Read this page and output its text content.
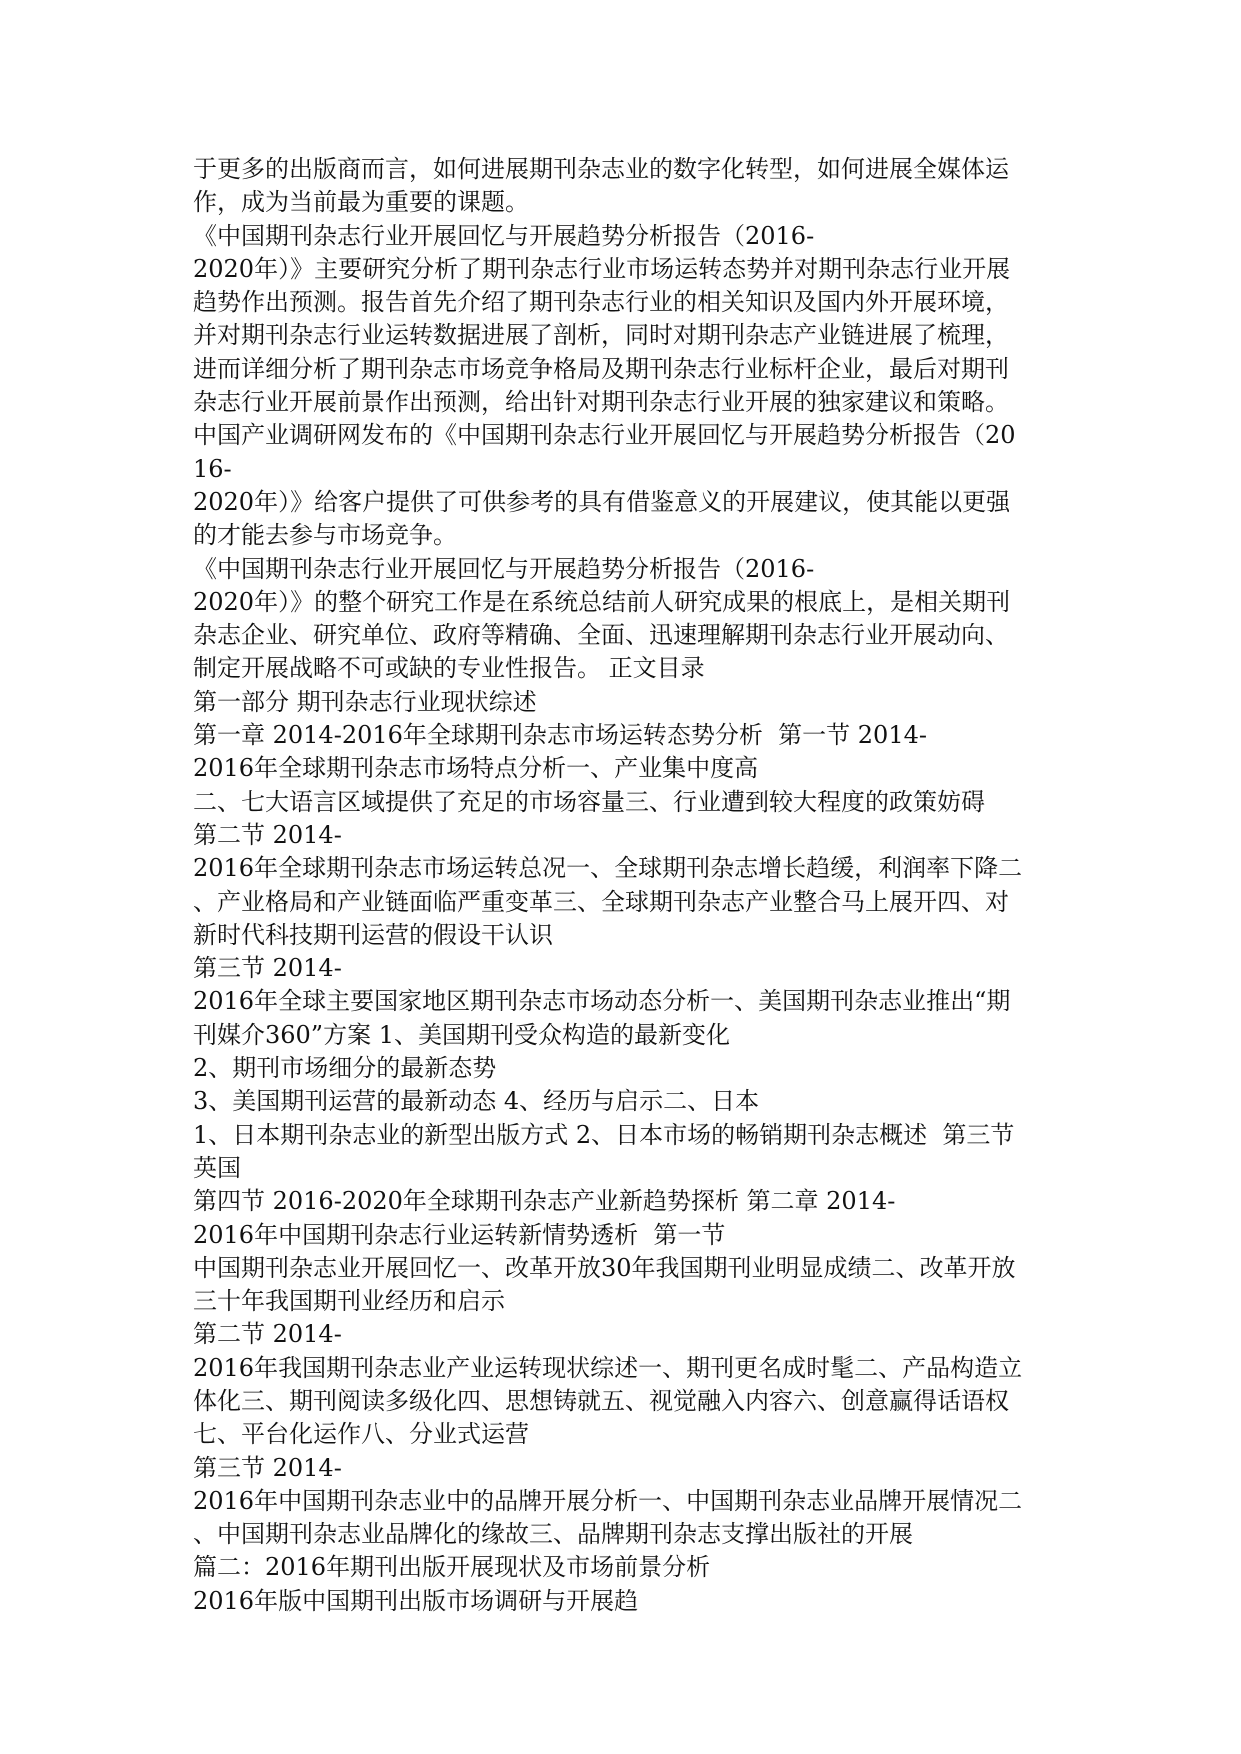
于更多的出版商而言，如何进展期刊杂志业的数字化转型，如何进展全媒体运
作，成为当前最为重要的课题。
《中国期刊杂志行业开展回忆与开展趋势分析报告（2016-
2020年）》主要研究分析了期刊杂志行业市场运转态势并对期刊杂志行业开展
趋势作出预测。报告首先介绍了期刊杂志行业的相关知识及国内外开展环境，
并对期刊杂志行业运转数据进展了剖析，同时对期刊杂志产业链进展了梳理，
进而详细分析了期刊杂志市场竞争格局及期刊杂志行业标杆企业，最后对期刊
杂志行业开展前景作出预测，给出针对期刊杂志行业开展的独家建议和策略。
中国产业调研网发布的《中国期刊杂志行业开展回忆与开展趋势分析报告（20
16-
2020年）》给客户提供了可供参考的具有借鉴意义的开展建议，使其能以更强
的才能去参与市场竞争。
《中国期刊杂志行业开展回忆与开展趋势分析报告（2016-
2020年）》的整个研究工作是在系统总结前人研究成果的根底上，是相关期刊
杂志企业、研究单位、政府等精确、全面、迅速理解期刊杂志行业开展动向、
制定开展战略不可或缺的专业性报告。 正文目录
第一部分 期刊杂志行业现状综述
第一章 2014-2016年全球期刊杂志市场运转态势分析  第一节 2014-
2016年全球期刊杂志市场特点分析一、产业集中度高
二、七大语言区域提供了充足的市场容量三、行业遭到较大程度的政策妨碍
第二节 2014-
2016年全球期刊杂志市场运转总况一、全球期刊杂志增长趋缓，利润率下降二
、产业格局和产业链面临严重变革三、全球期刊杂志产业整合马上展开四、对
新时代科技期刊运营的假设干认识
第三节 2014-
2016年全球主要国家地区期刊杂志市场动态分析一、美国期刊杂志业推出“期
刊媒介360”方案 1、美国期刊受众构造的最新变化
2、期刊市场细分的最新态势
3、美国期刊运营的最新动态 4、经历与启示二、日本
1、日本期刊杂志业的新型出版方式 2、日本市场的畅销期刊杂志概述  第三节
英国
第四节 2016-2020年全球期刊杂志产业新趋势探析 第二章 2014-
2016年中国期刊杂志行业运转新情势透析  第一节
中国期刊杂志业开展回忆一、改革开放30年我国期刊业明显成绩二、改革开放
三十年我国期刊业经历和启示
第二节 2014-
2016年我国期刊杂志业产业运转现状综述一、期刊更名成时髦二、产品构造立
体化三、期刊阅读多级化四、思想铸就五、视觉融入内容六、创意赢得话语权
七、平台化运作八、分业式运营
第三节 2014-
2016年中国期刊杂志业中的品牌开展分析一、中国期刊杂志业品牌开展情况二
、中国期刊杂志业品牌化的缘故三、品牌期刊杂志支撑出版社的开展
篇二：2016年期刊出版开展现状及市场前景分析
2016年版中国期刊出版市场调研与开展趋
